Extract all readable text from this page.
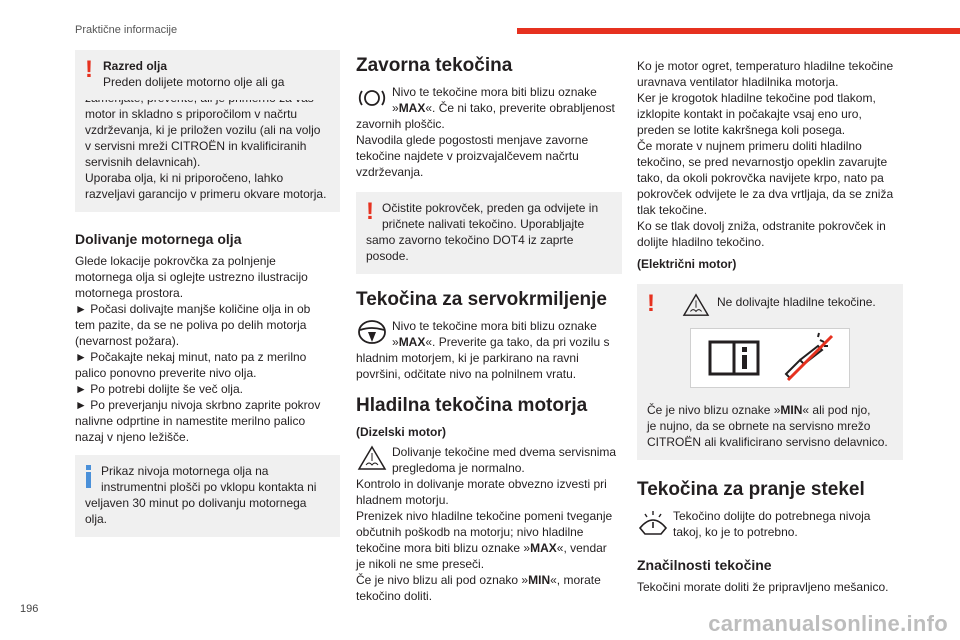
Praktične informacije
! Razred olja
Preden dolijete motorno olje ali ga
motor in skladno s priporočilom v načrtu
vzdrževanja, ki je priložen vozilu (ali na voljo
v servisni mreži CITROËN in kvalificiranih
servisnih delavnicah).
Uporaba olja, ki ni priporočeno, lahko
razveljavi garancijo v primeru okvare motorja.
Dolivanje motornega olja
Glede lokacije pokrovčka za polnjenje
motornega olja si oglejte ustrezno ilustracijo
motornega prostora.
► Počasi dolivajte manjše količine olja in ob
tem pazite, da se ne poliva po delih motorja
(nevarnost požara).
► Počakajte nekaj minut, nato pa z merilno
palico ponovno preverite nivo olja.
► Po potrebi dolijte še več olja.
► Po preverjanju nivoja skrbno zaprite pokrov
nalivne odprtine in namestite merilno palico
nazaj v njeno ležišče.
Prikaz nivoja motornega olja na
instrumentni plošči po vklopu kontakta ni
veljaven 30 minut po dolivanju motornega
olja.
Zavorna tekočina
Nivo te tekočine mora biti blizu oznake
»MAX«. Če ni tako, preverite obrabljenost
zavornih ploščic.
Navodila glede pogostosti menjave zavorne
tekočine najdete v proizvajalčevem načrtu
vzdrževanja.
! Očistite pokrovček, preden ga odvijete in
pričnete nalivati tekočino. Uporabljajte
samo zavorno tekočino DOT4 iz zaprte
posode.
Tekočina za servokrmiljenje
Nivo te tekočine mora biti blizu oznake
»MAX«. Preverite ga tako, da pri vozilu s
hladnim motorjem, ki je parkirano na ravni
površini, odčitate nivo na polnilnem vratu.
Hladilna tekočina motorja
(Dizelski motor)
Dolivanje tekočine med dvema servisnima
pregledoma je normalno.
Kontrolo in dolivanje morate obvezno izvesti pri
hladnem motorju.
Prenizek nivo hladilne tekočine pomeni tveganje
občutnih poškodb na motorju; nivo hladilne
tekočine mora biti blizu oznake »MAX«, vendar
je nikoli ne sme preseči.
Če je nivo blizu ali pod oznako »MIN«, morate
tekočino doliti.
Ko je motor ogret, temperaturo hladilne tekočine
uravnava ventilator hladilnika motorja.
Ker je krogotok hladilne tekočine pod tlakom,
izklopite kontakt in počakajte vsaj eno uro,
preden se lotite kakršnega koli posega.
Če morate v nujnem primeru doliti hladilno
tekočino, se pred nevarnostjo opeklin zavarujte
tako, da okoli pokrovčka navijete krpo, nato pa
pokrovček odvijete le za dva vrtljaja, da se zniža
tlak tekočine.
Ko se tlak dovolj zniža, odstranite pokrovček in
dolijte hladilno tekočino.
(Električni motor)
!	Ne dolivajte hladilne tekočine.
Če je nivo blizu oznake »MIN« ali pod njo,
je nujno, da se obrnete na servisno mrežo
CITROËN ali kvalificirano servisno delavnico.
Tekočina za pranje stekel
Tekočino dolijte do potrebnega nivoja
takoj, ko je to potrebno.
Značilnosti tekočine
Tekočini morate doliti že pripravljeno mešanico.
196
carmanualsonline.info
